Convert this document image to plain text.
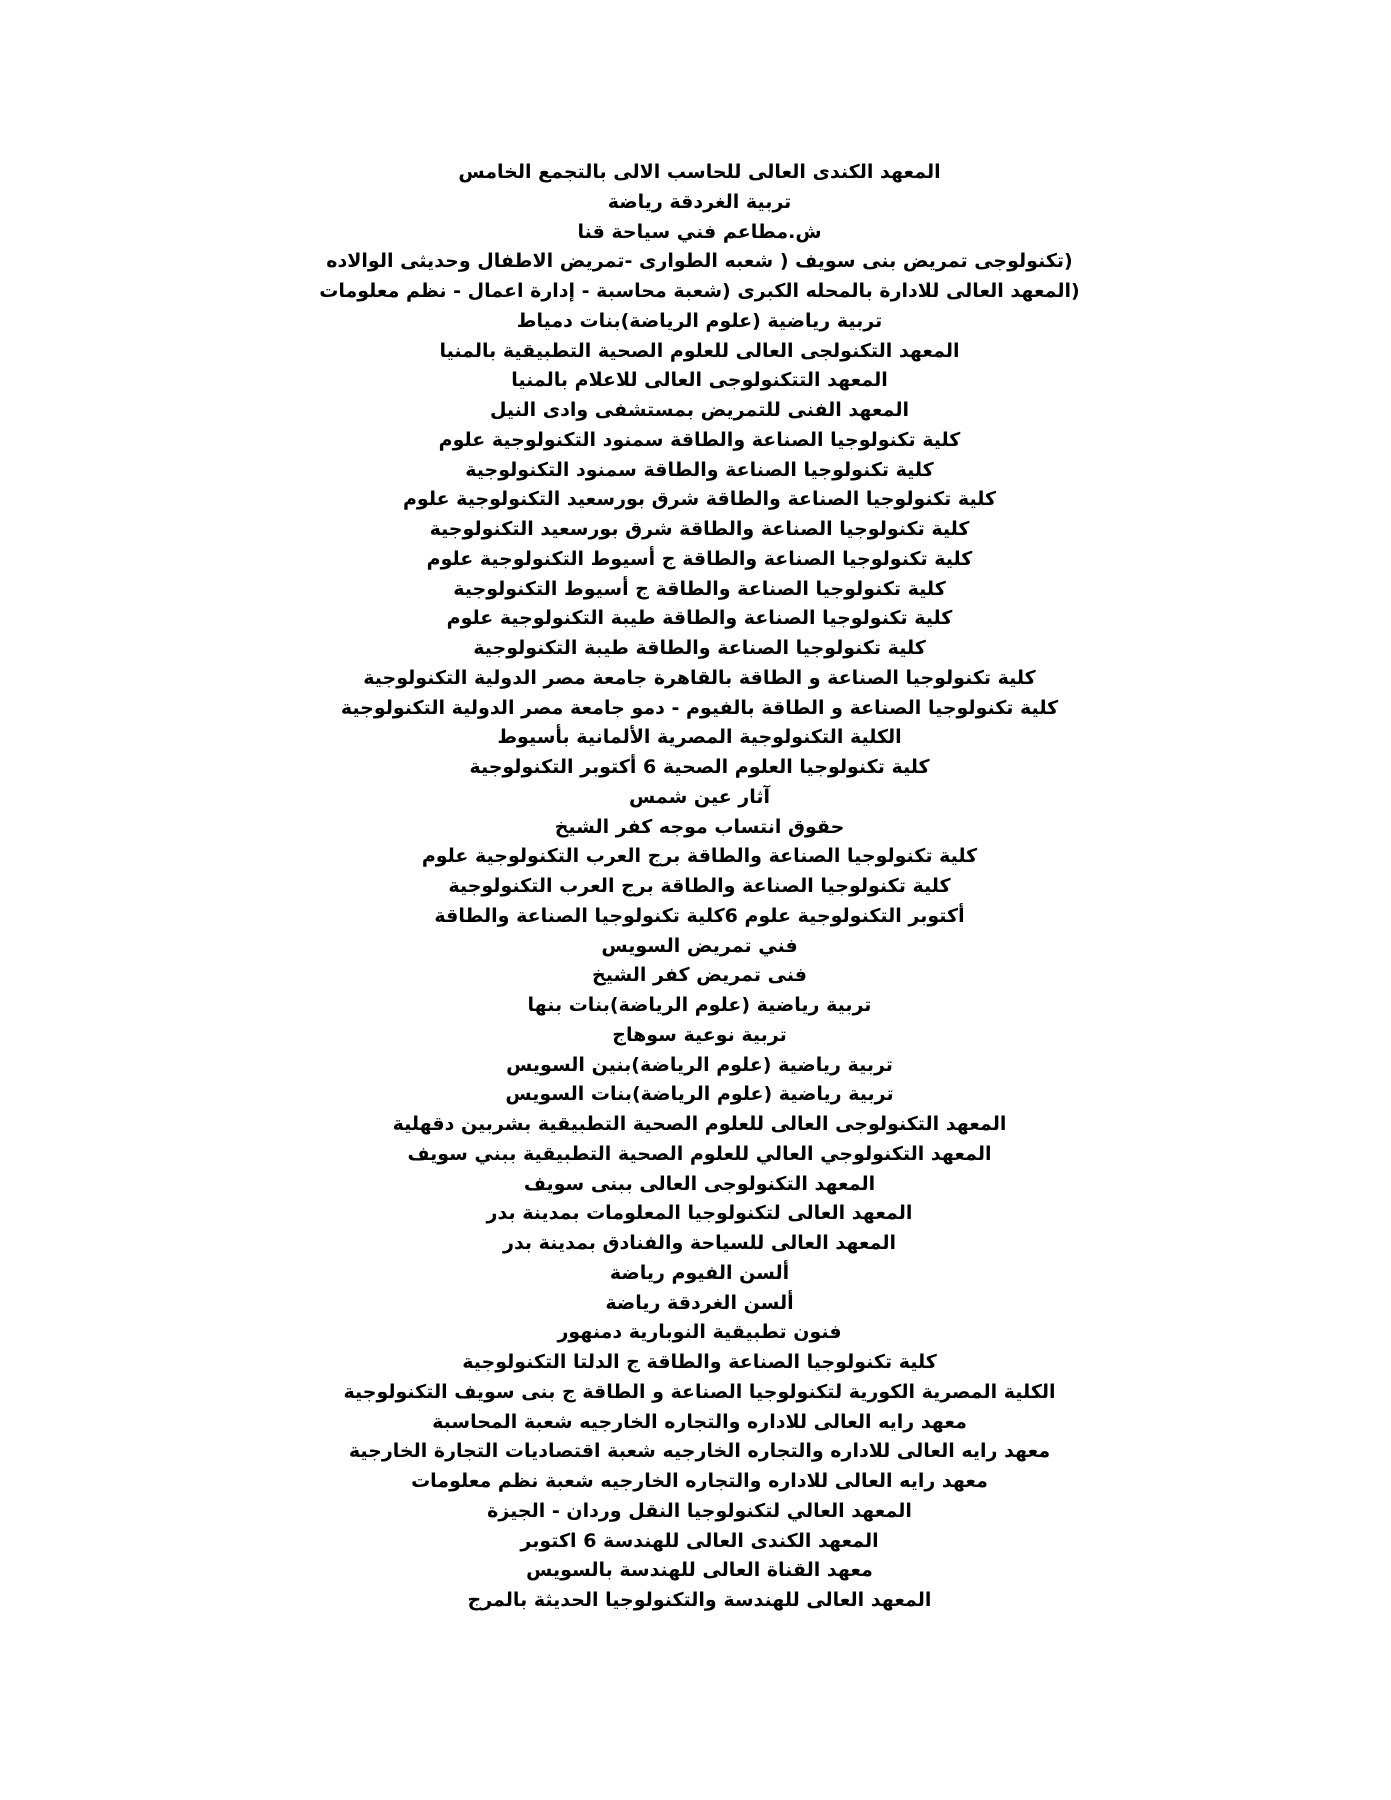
المعهد الكندى العالى للحاسب الالى بالتجمع الخامس
تربية الغردقة رياضة
ش.مطاعم فني سياحة قنا
(تكنولوجى تمريض بنى سويف ( شعبه الطوارى -تمريض الاطفال وحديثى الوالاده
(المعهد العالى للادارة بالمحله الكبرى (شعبة محاسبة - إدارة اعمال - نظم معلومات
تربية رياضية (علوم الرياضة)بنات دمياط
المعهد التكنولجى العالى للعلوم الصحية التطبيقية بالمنيا
المعهد التتكنولوجى العالى للاعلام بالمنيا
المعهد الفنى للتمريض بمستشفى وادى النيل
كلية تكنولوجيا الصناعة والطاقة سمنود التكنولوجية علوم
كلية تكنولوجيا الصناعة والطاقة سمنود التكنولوجية
كلية تكنولوجيا الصناعة والطاقة شرق بورسعيد التكنولوجية علوم
كلية تكنولوجيا الصناعة والطاقة شرق بورسعيد التكنولوجية
كلية تكنولوجيا الصناعة والطاقة ج أسيوط التكنولوجية علوم
كلية تكنولوجيا الصناعة والطاقة ج أسيوط التكنولوجية
كلية تكنولوجيا الصناعة والطاقة طيبة التكنولوجية علوم
كلية تكنولوجيا الصناعة والطاقة طيبة التكنولوجية
كلية تكنولوجيا الصناعة و الطاقة بالقاهرة جامعة مصر الدولية التكنولوجية
كلية تكنولوجيا الصناعة و الطاقة بالفيوم - دمو جامعة مصر الدولية التكنولوجية
الكلية التكنولوجية المصرية الألمانية بأسيوط
كلية تكنولوجيا العلوم الصحية 6 أكتوبر التكنولوجية
آثار عين شمس
حقوق انتساب موجه كفر الشيخ
كلية تكنولوجيا الصناعة والطاقة برج العرب التكنولوجية علوم
كلية تكنولوجيا الصناعة والطاقة برج العرب التكنولوجية
أكتوبر التكنولوجية علوم 6كلية تكنولوجيا الصناعة والطاقة
فني تمريض السويس
فنى تمريض كفر الشيخ
تربية رياضية (علوم الرياضة)بنات بنها
تربية نوعية سوهاج
تربية رياضية (علوم الرياضة)بنين السويس
تربية رياضية (علوم الرياضة)بنات السويس
المعهد التكنولوجى العالى للعلوم الصحية التطبيقية بشربين دقهلية
المعهد التكنولوجي العالي للعلوم الصحية التطبيقية ببني سويف
المعهد التكنولوجى العالى ببنى سويف
المعهد العالى لتكنولوجيا المعلومات بمدينة بدر
المعهد العالى للسياحة والفنادق بمدينة بدر
ألسن الفيوم رياضة
ألسن الغردقة رياضة
فنون تطبيقية النوبارية دمنهور
كلية تكنولوجيا الصناعة والطاقة ج الدلتا التكنولوجية
الكلية المصرية الكورية لتكنولوجيا الصناعة و الطاقة ج بنى سويف التكنولوجية
معهد رايه العالى للاداره والتجاره الخارجيه شعبة المحاسبة
معهد رايه العالى للاداره والتجاره الخارجيه شعبة اقتصاديات التجارة الخارجية
معهد رايه العالى للاداره والتجاره الخارجيه شعبة نظم معلومات
المعهد العالي لتكنولوجيا النقل وردان - الجيزة
المعهد الكندى العالى للهندسة 6 اكتوبر
معهد القناة العالى للهندسة بالسويس
المعهد العالى للهندسة والتكنولوجيا الحديثة بالمرج
